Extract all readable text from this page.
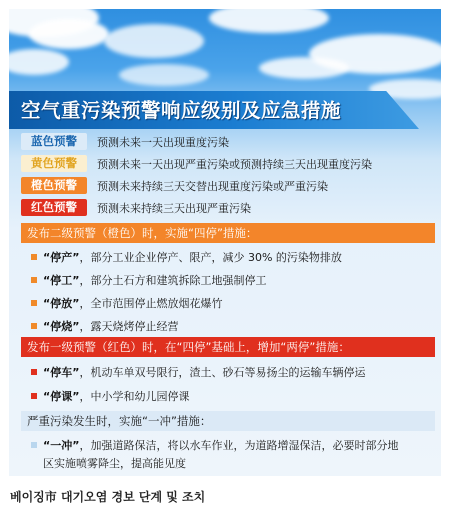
空气重污染预警响应级别及应急措施
蓝色预警	预测未来一天出现重度污染
黄色预警	预测未来一天出现严重污染或预测持续三天出现重度污染
橙色预警	预测未来持续三天交替出现重度污染或严重污染
红色预警	预测未来持续三天出现严重污染
发布二级预警（橙色）时，实施“四停”措施：
“停产”，部分工业企业停产、限产，减少 30% 的污染物排放
“停工”，部分土石方和建筑拆除工地强制停工
“停放”，全市范围停止燃放烟花爆竹
“停烧”，露天烧烤停止经营
发布一级预警（红色）时，在“四停”基础上，增加“两停”措施：
“停车”，机动车单双号限行，渣土、砂石等易扬尘的运输车辆停运
“停课”，中小学和幼儿园停课
严重污染发生时，实施“一冲”措施：
“一冲”，加强道路保洁，将以水车作业，为道路增湿保洁，必要时部分地
区实施喷雾降尘，提高能见度
베이징市 대기오염 경보 단계 및 조치
